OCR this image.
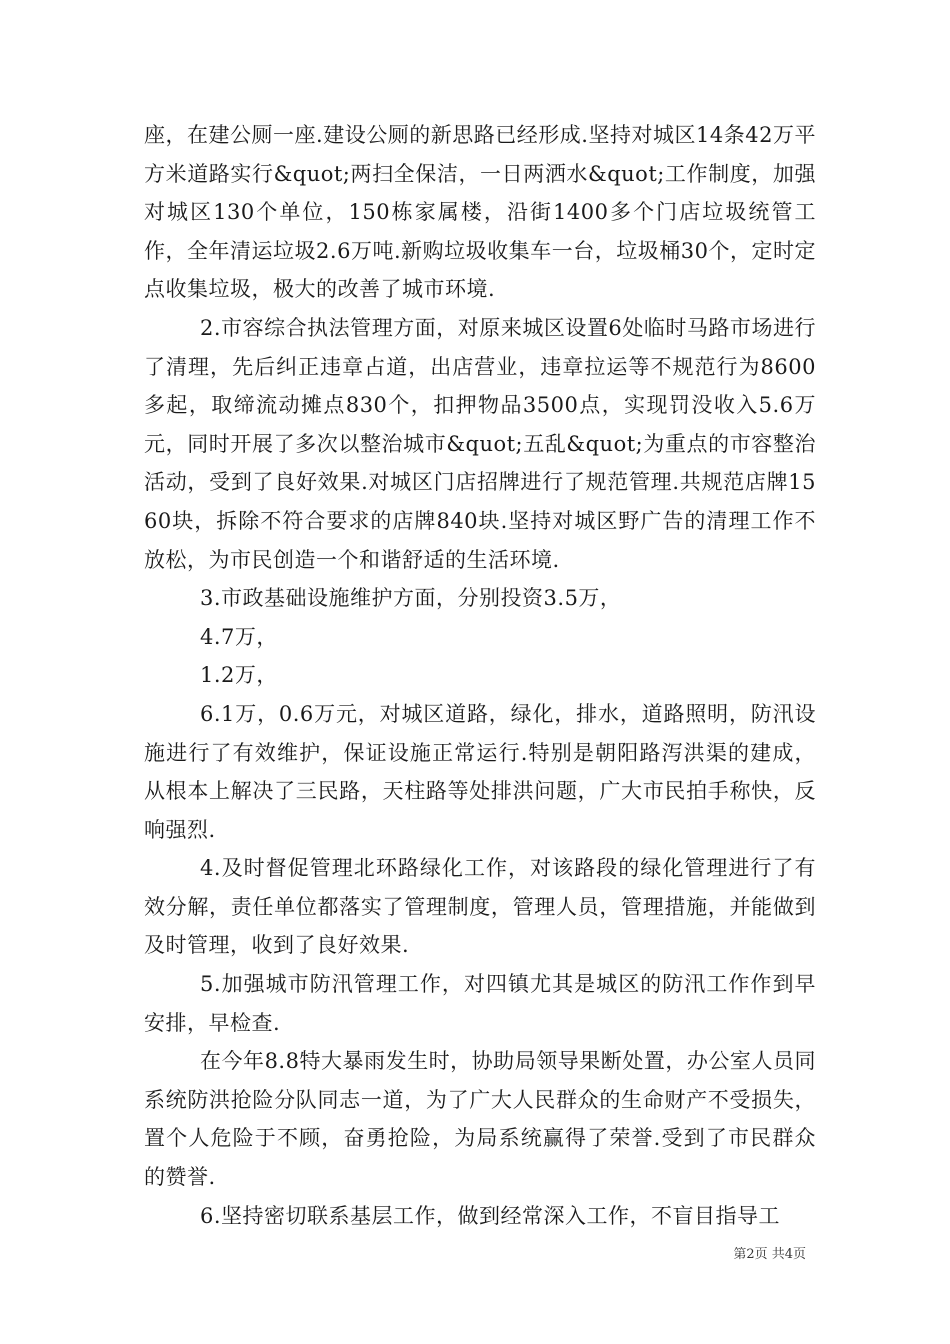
座，在建公厕一座.建设公厕的新思路已经形成.坚持对城区14条42万平方米道路实行&quot;两扫全保洁，一日两洒水&quot;工作制度，加强对城区130个单位，150栋家属楼，沿街1400多个门店垃圾统管工作，全年清运垃圾2.6万吨.新购垃圾收集车一台，垃圾桶30个，定时定点收集垃圾，极大的改善了城市环境.

2.市容综合执法管理方面，对原来城区设置6处临时马路市场进行了清理，先后纠正违章占道，出店营业，违章拉运等不规范行为8600多起，取缔流动摊点830个，扣押物品3500点，实现罚没收入5.6万元，同时开展了多次以整治城市&quot;五乱&quot;为重点的市容整治活动，受到了良好效果.对城区门店招牌进行了规范管理.共规范店牌1560块，拆除不符合要求的店牌840块.坚持对城区野广告的清理工作不放松，为市民创造一个和谐舒适的生活环境.

3.市政基础设施维护方面，分别投资3.5万，

4.7万，

1.2万，

6.1万，0.6万元，对城区道路，绿化，排水，道路照明，防汛设施进行了有效维护，保证设施正常运行.特别是朝阳路泻洪渠的建成，从根本上解决了三民路，天柱路等处排洪问题，广大市民拍手称快，反响强烈.

4.及时督促管理北环路绿化工作，对该路段的绿化管理进行了有效分解，责任单位都落实了管理制度，管理人员，管理措施，并能做到及时管理，收到了良好效果.

5.加强城市防汛管理工作，对四镇尤其是城区的防汛工作作到早安排，早检查.

在今年8.8特大暴雨发生时，协助局领导果断处置，办公室人员同系统防洪抢险分队同志一道，为了广大人民群众的生命财产不受损失，置个人危险于不顾，奋勇抢险，为局系统赢得了荣誉.受到了市民群众的赞誉.

6.坚持密切联系基层工作，做到经常深入工作，不盲目指导工

第2页 共4页
